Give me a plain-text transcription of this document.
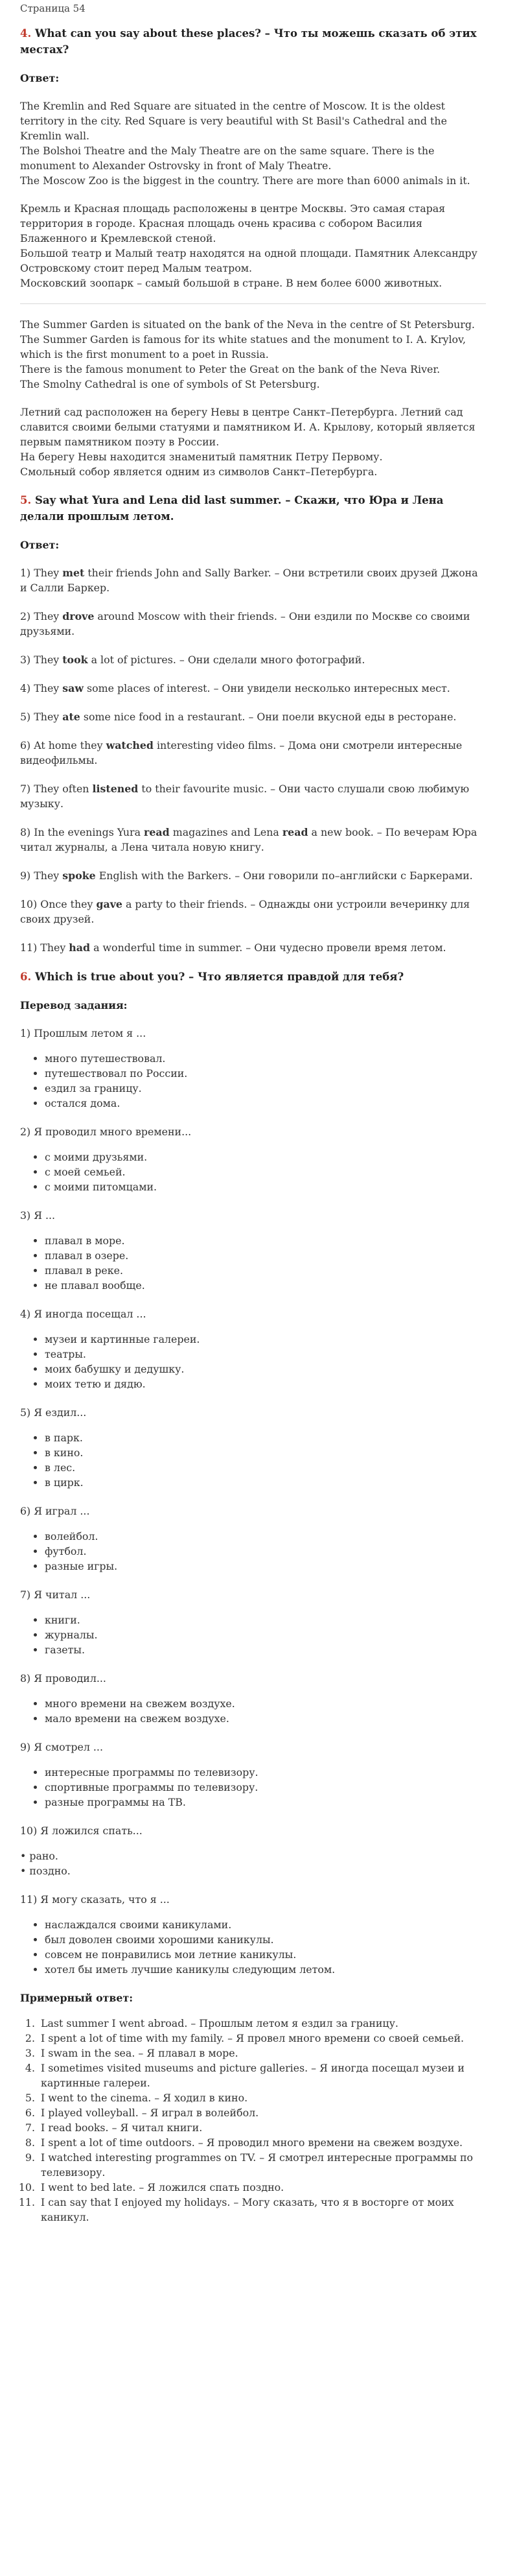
Страница 54
4. What can you say about these places? – Что ты можешь сказать об этих местах?
Ответ:

The Kremlin and Red Square are situated in the centre of Moscow. It is the oldest territory in the city. Red Square is very beautiful with St Basil's Cathedral and the Kremlin wall.

The Bolshoi Theatre and the Maly Theatre are on the same square. There is the monument to Alexander Ostrovsky in front of Maly Theatre.

The Moscow Zoo is the biggest in the country. There are more than 6000 animals in it.

Кремль и Красная площадь расположены в центре Москвы. Это самая старая территория в городе. Красная площадь очень красива с собором Василия Блаженного и Кремлевской стеной.

Большой театр и Малый театр находятся на одной площади. Памятник Александру Островскому стоит перед Малым театром.

Московский зоопарк – самый большой в стране. В нем более 6000 животных.

The Summer Garden is situated on the bank of the Neva in the centre of St Petersburg. The Summer Garden is famous for its white statues and the monument to I. A. Krylov, which is the first monument to a poet in Russia.

There is the famous monument to Peter the Great on the bank of the Neva River.

The Smolny Cathedral is one of symbols of St Petersburg.

Летний сад расположен на берегу Невы в центре Санкт–Петербурга. Летний сад славится своими белыми статуями и памятником И. А. Крылову, который является первым памятником поэту в России.

На берегу Невы находится знаменитый памятник Петру Первому.

Смольный собор является одним из символов Санкт–Петербурга.

5. Say what Yura and Lena did last summer. – Скажи, что Юра и Лена делали прошлым летом.
Ответ:

1) They met their friends John and Sally Barker. – Они встретили своих друзей Джона и Салли Баркер.

2) They drove around Moscow with their friends. – Они ездили по Москве со своими друзьями.

3) They took a lot of pictures. – Они сделали много фотографий.

4) They saw some places of interest. – Они увидели несколько интересных мест.

5) They ate some nice food in a restaurant. – Они поели вкусной еды в ресторане.

6) At home they watched interesting video films. – Дома они смотрели интересные видеофильмы.

7) They often listened to their favourite music. – Они часто слушали свою любимую музыку.

8) In the evenings Yura read magazines and Lena read a new book. – По вечерам Юра читал журналы, а Лена читала новую книгу.

9) They spoke English with the Barkers. – Они говорили по–английски с Баркерами.

10) Once they gave a party to their friends. – Однажды они устроили вечеринку для своих друзей.

11) They had a wonderful time in summer. – Они чудесно провели время летом.

6. Which is true about you? – Что является правдой для тебя?
Перевод задания:
1) Прошлым летом я ...
• много путешествовал.
• путешествовал по России.
• ездил за границу.
• остался дома.
2) Я проводил много времени...
• с моими друзьями.
• с моей семьей.
• с моими питомцами.
3) Я ...
• плавал в море.
• плавал в озере.
• плавал в реке.
• не плавал вообще.
4) Я иногда посещал ...
• музеи и картинные галереи.
• театры.
• моих бабушку и дедушку.
• моих тетю и дядю.
5) Я ездил...
• в парк.
• в кино.
• в лес.
• в цирк.
6) Я играл ...
• волейбол.
• футбол.
• разные игры.
7) Я читал ...
• книги.
• журналы.
• газеты.
8) Я проводил...
• много времени на свежем воздухе.
• мало времени на свежем воздухе.
9) Я смотрел ...
• интересные программы по телевизору.
• спортивные программы по телевизору.
• разные программы на ТВ.
10) Я ложился спать...

• рано.

• поздно.

11) Я могу сказать, что я ...
• наслаждался своими каникулами.
• был доволен своими хорошими каникулы.
• совсем не понравились мои летние каникулы.
• хотел бы иметь лучшие каникулы следующим летом.
Примерный ответ:
1. Last summer I went abroad. – Прошлым летом я ездил за границу.
2. I spent a lot of time with my family. – Я провел много времени со своей семьей.
3. I swam in the sea. – Я плавал в море.
4. I sometimes visited museums and picture galleries. – Я иногда посещал музеи и картинные галереи.
5. I went to the cinema. – Я ходил в кино.
6. I played volleyball. – Я играл в волейбол.
7. I read books. – Я читал книги.
8. I spent a lot of time outdoors. – Я проводил много времени на свежем воздухе.
9. I watched interesting programmes on TV. – Я смотрел интересные программы по телевизору.
10. I went to bed late. – Я ложился спать поздно.
11. I can say that I enjoyed my holidays. – Могу сказать, что я в восторге от моих каникул.
